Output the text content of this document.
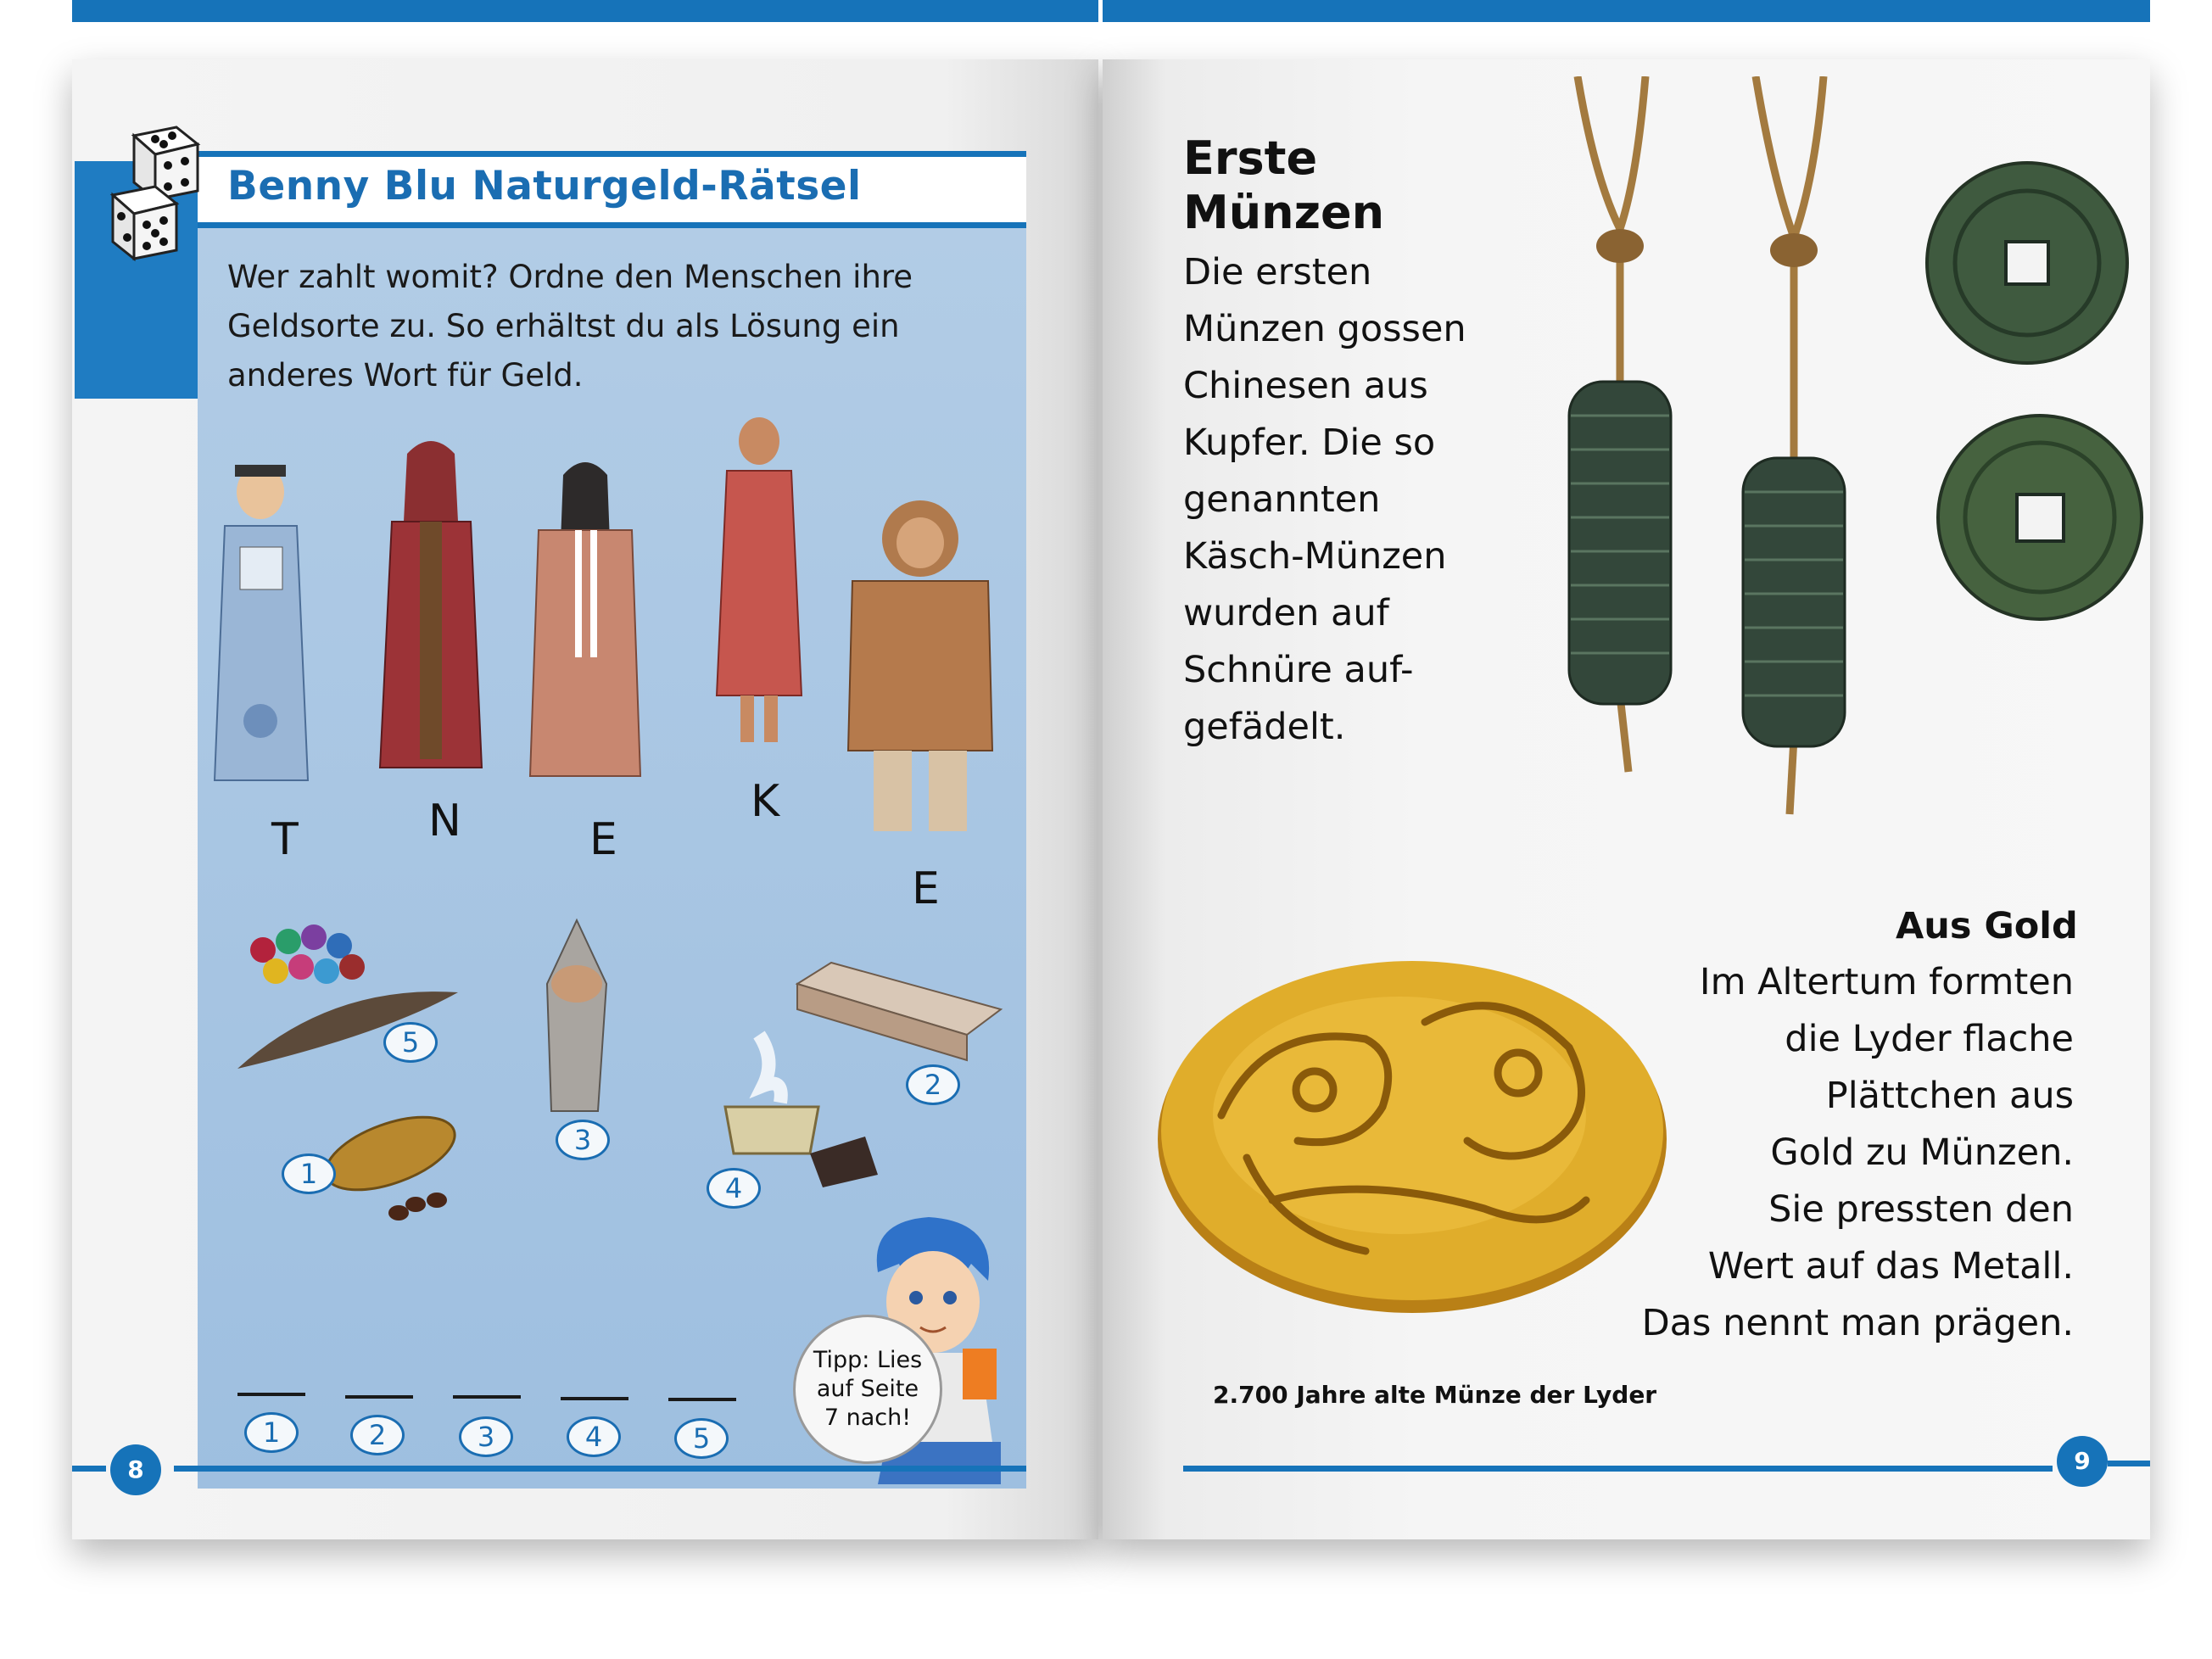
Benny Blu Naturgeld-Rätsel
Wer zahlt womit? Ordne den Menschen ihre
Geldsorte zu. So erhältst du als Lösung ein
anderes Wort für Geld.
T	N	E
K
E
5
1
3
4
2
1	2	3	4	5
Tipp: Lies
auf Seite
7 nach!
8
Erste
Münzen
Die ersten
Münzen gossen
Chinesen aus
Kupfer. Die so
genannten
Käsch-Münzen
wurden auf
Schnüre auf-
gefädelt.
Aus Gold
Im Altertum formten
die Lyder flache
Plättchen aus
Gold zu Münzen.
Sie pressten den
Wert auf das Metall.
Das nennt man prägen.
2.700 Jahre alte Münze der Lyder
9
